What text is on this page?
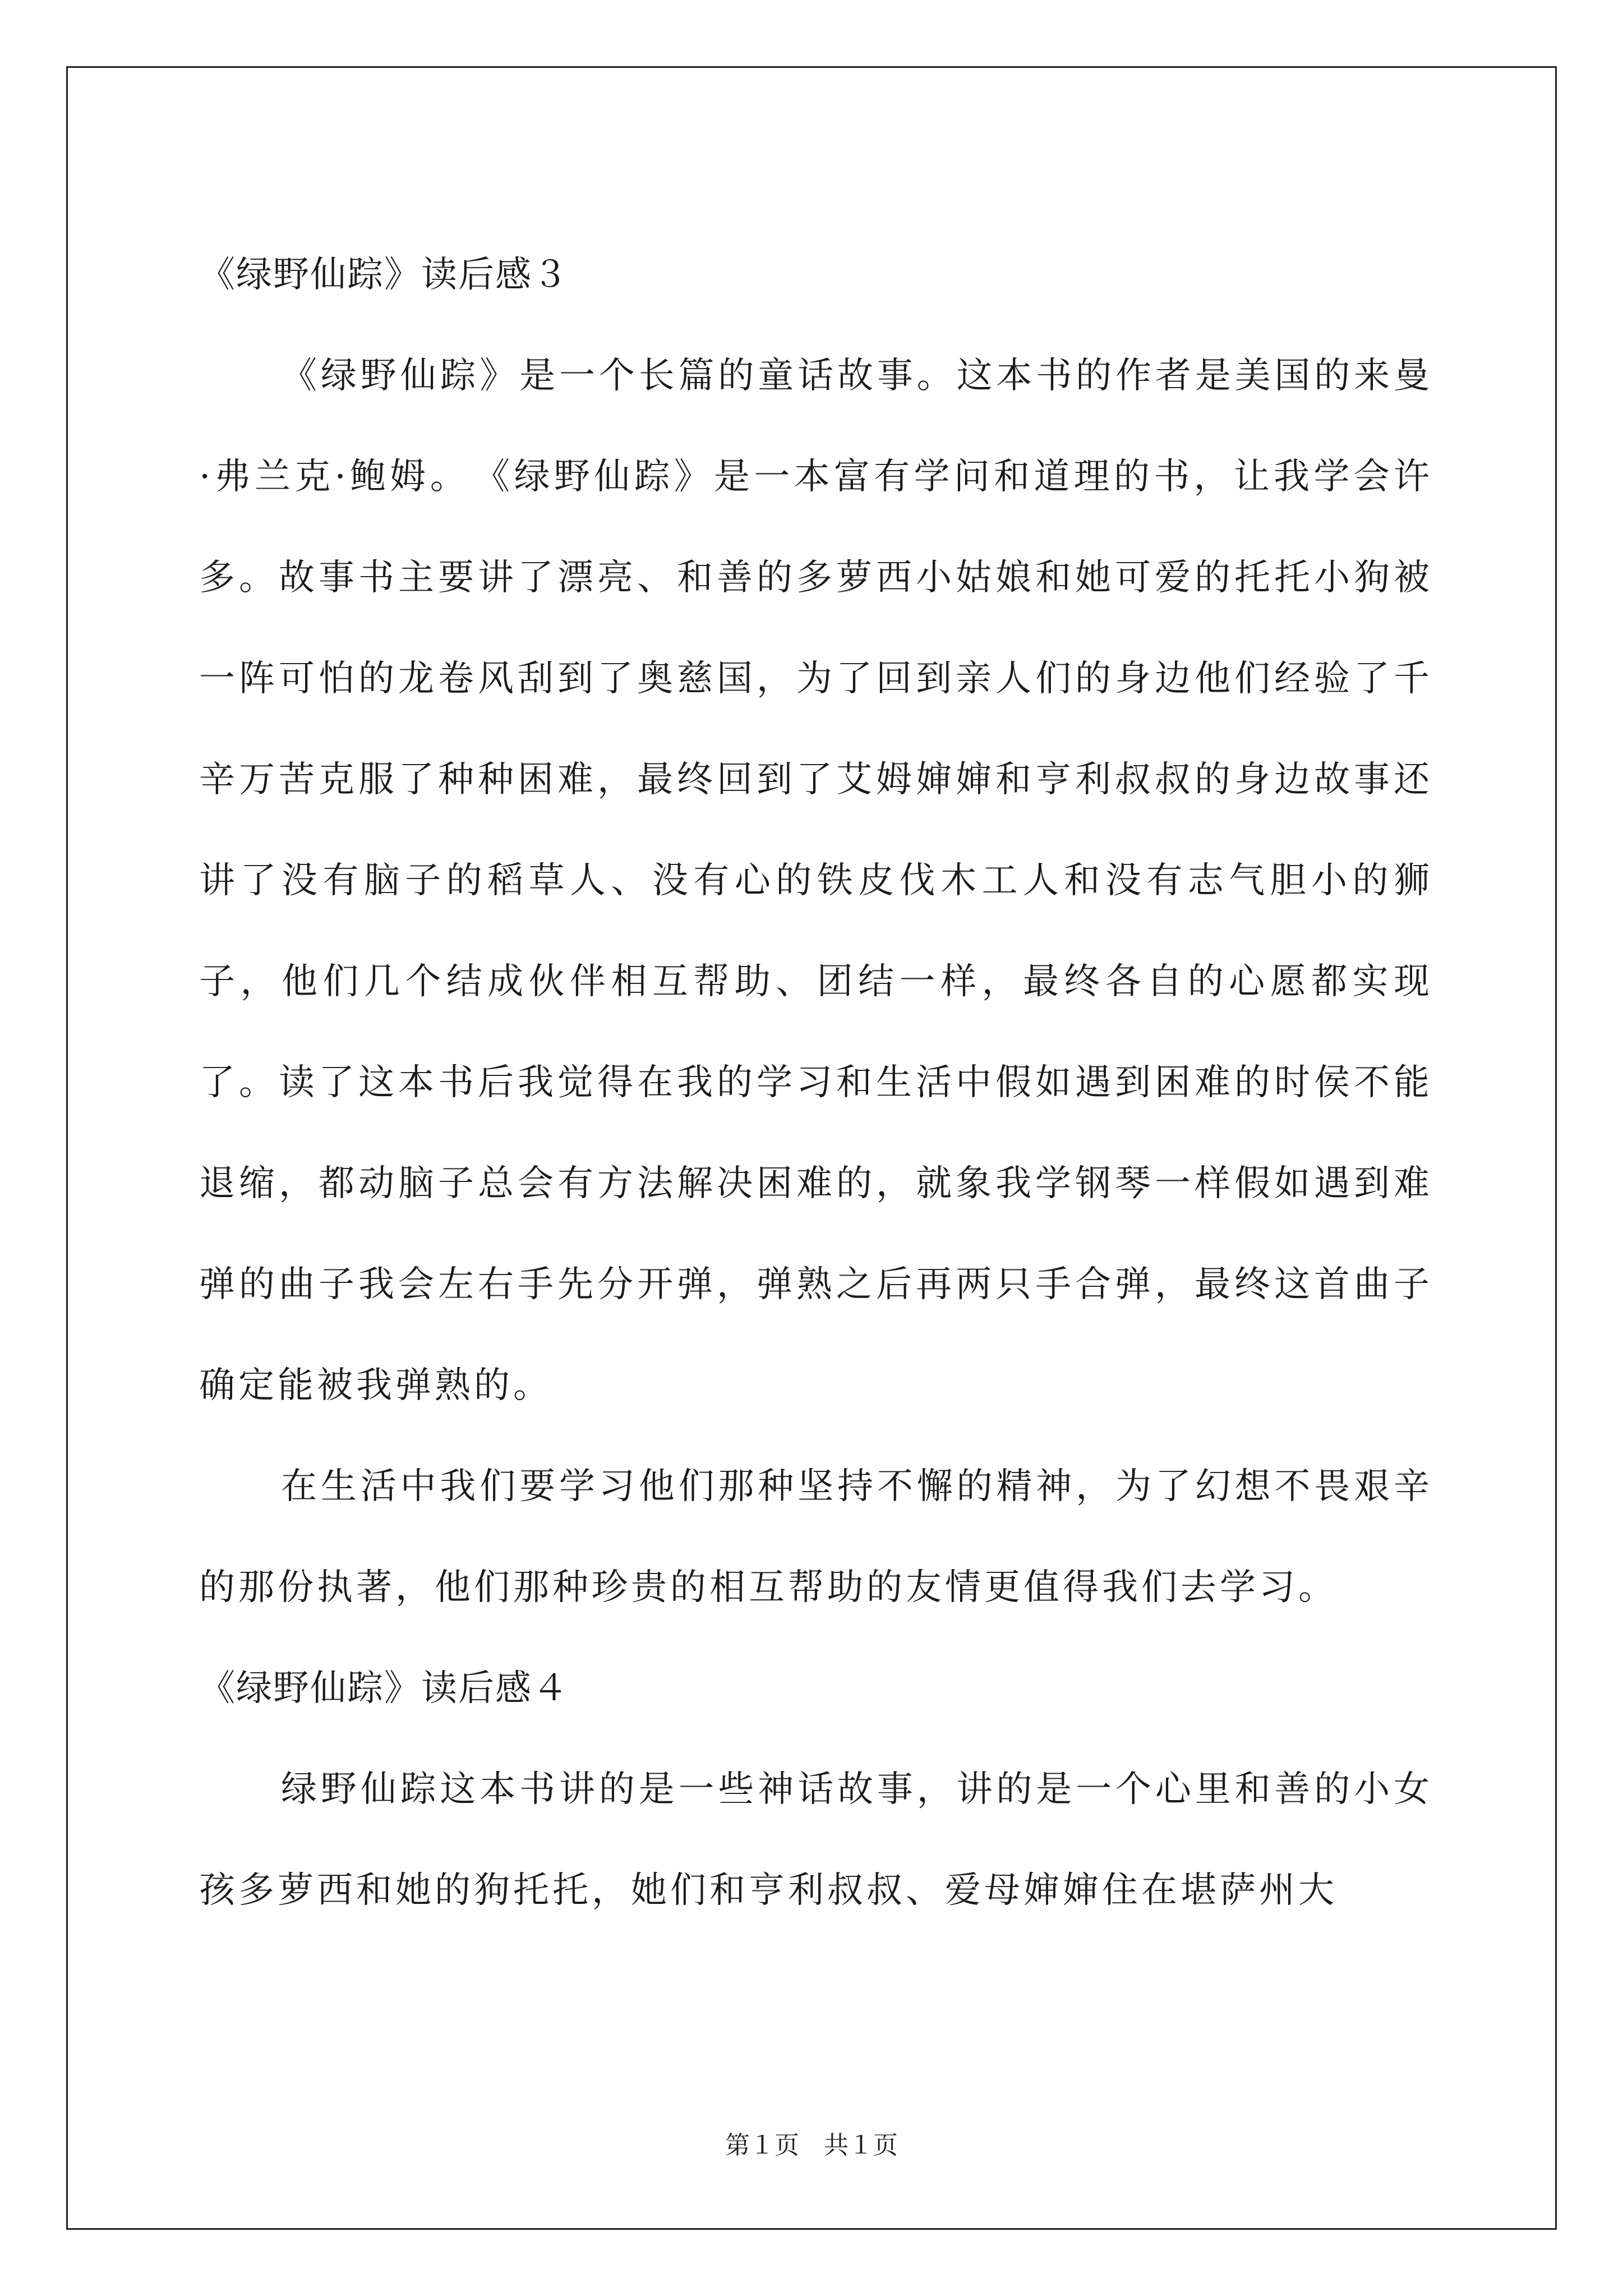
《绿野仙踪》读后感３

《绿野仙踪》是一个长篇的童话故事。这本书的作者是美国的来曼·弗兰克·鲍姆。　《绿野仙踪》是一本富有学问和道理的书，让我学会许多。故事书主要讲了漂亮、和善的多萝西小姑娘和她可爱的托托小狗被一阵可怕的龙卷风刮到了奥慈国，为了回到亲人们的身边他们经验了千辛万苦克服了种种困难，最终回到了艾姆婶婶和亨利叔叔的身边故事还讲了没有脑子的稻草人、没有心的铁皮伐木工人和没有志气胆小的狮子，他们几个结成伙伴相互帮助、团结一样，最终各自的心愿都实现了。读了这本书后我觉得在我的学习和生活中假如遇到困难的时侯不能退缩，都动脑子总会有方法解决困难的，就象我学钢琴一样假如遇到难弹的曲子我会左右手先分开弹，弹熟之后再两只手合弹，最终这首曲子确定能被我弹熟的。

在生活中我们要学习他们那种坚持不懈的精神，为了幻想不畏艰辛的那份执著，他们那种珍贵的相互帮助的友情更值得我们去学习。

《绿野仙踪》读后感４

绿野仙踪这本书讲的是一些神话故事，讲的是一个心里和善的小女孩多萝西和她的狗托托，她们和亨利叔叔、爱母婶婶住在堪萨州大

第１页　共１页
